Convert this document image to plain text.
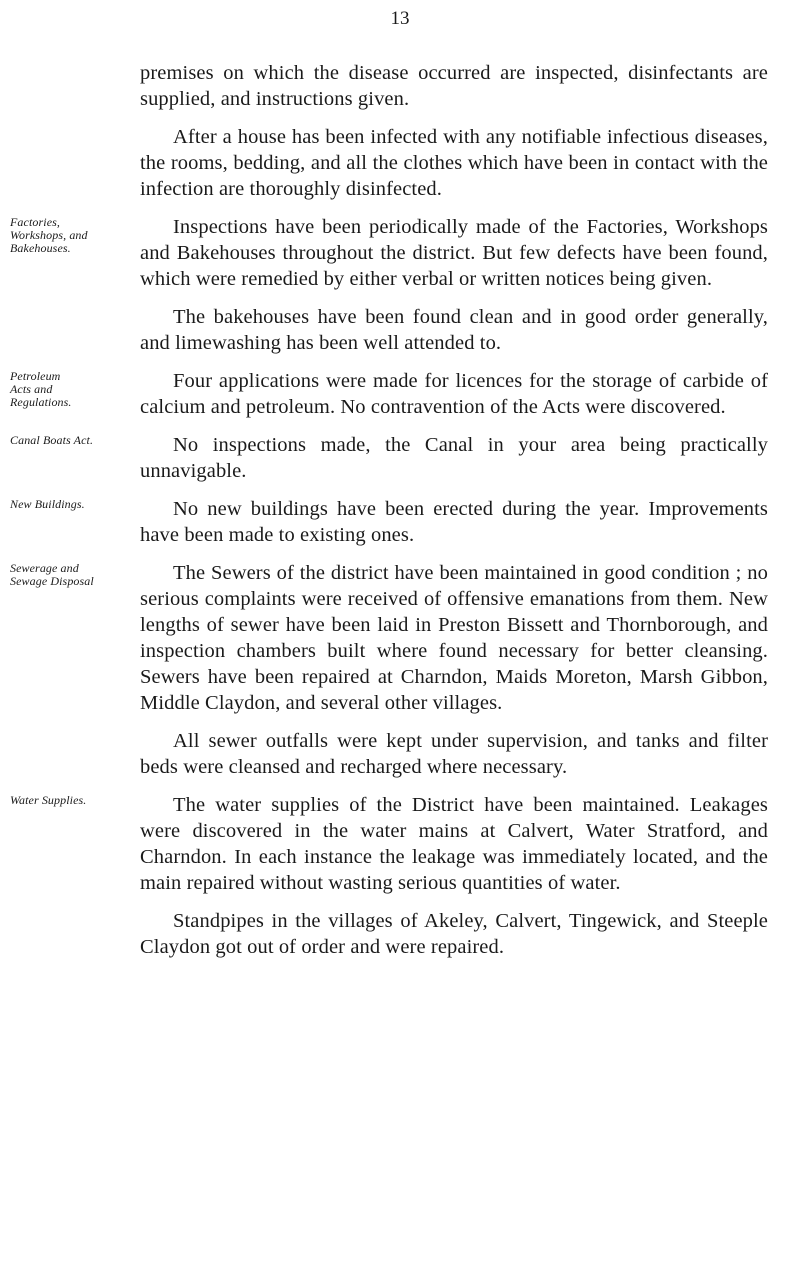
13

premises on which the disease occurred are inspected, disinfectants are supplied, and instructions given.

After a house has been infected with any notifiable infectious diseases, the rooms, bedding, and all the clothes which have been in contact with the infection are thoroughly disinfected.

Factories,
Workshops, and
Bakehouses.
Inspections have been periodically made of the Factories, Workshops and Bakehouses throughout the district. But few defects have been found, which were remedied by either verbal or written notices being given.

The bakehouses have been found clean and in good order generally, and limewashing has been well attended to.

Petroleum
Acts and
Regulations.
Four applications were made for licences for the storage of carbide of calcium and petroleum. No contravention of the Acts were discovered.
Canal Boats Act.	No inspections made, the Canal in your area being practically unnavigable.
New Buildings.	No new buildings have been erected during the year. Improvements have been made to existing ones.
Sewerage and
Sewage Disposal	The Sewers of the district have been maintained in good condition ; no serious complaints were received of offensive emanations from them. New lengths of sewer have been laid in Preston Bissett and Thornborough, and inspection chambers built where found necessary for better cleansing. Sewers have been repaired at Charndon, Maids Moreton, Marsh Gibbon, Middle Claydon, and several other villages.

All sewer outfalls were kept under supervision, and tanks and filter beds were cleansed and recharged where necessary.

Water Supplies.	The water supplies of the District have been maintained. Leakages were discovered in the water mains at Calvert, Water Stratford, and Charndon. In each instance the leakage was immediately located, and the main repaired without wasting serious quantities of water.

Standpipes in the villages of Akeley, Calvert, Tingewick, and Steeple Claydon got out of order and were repaired.
